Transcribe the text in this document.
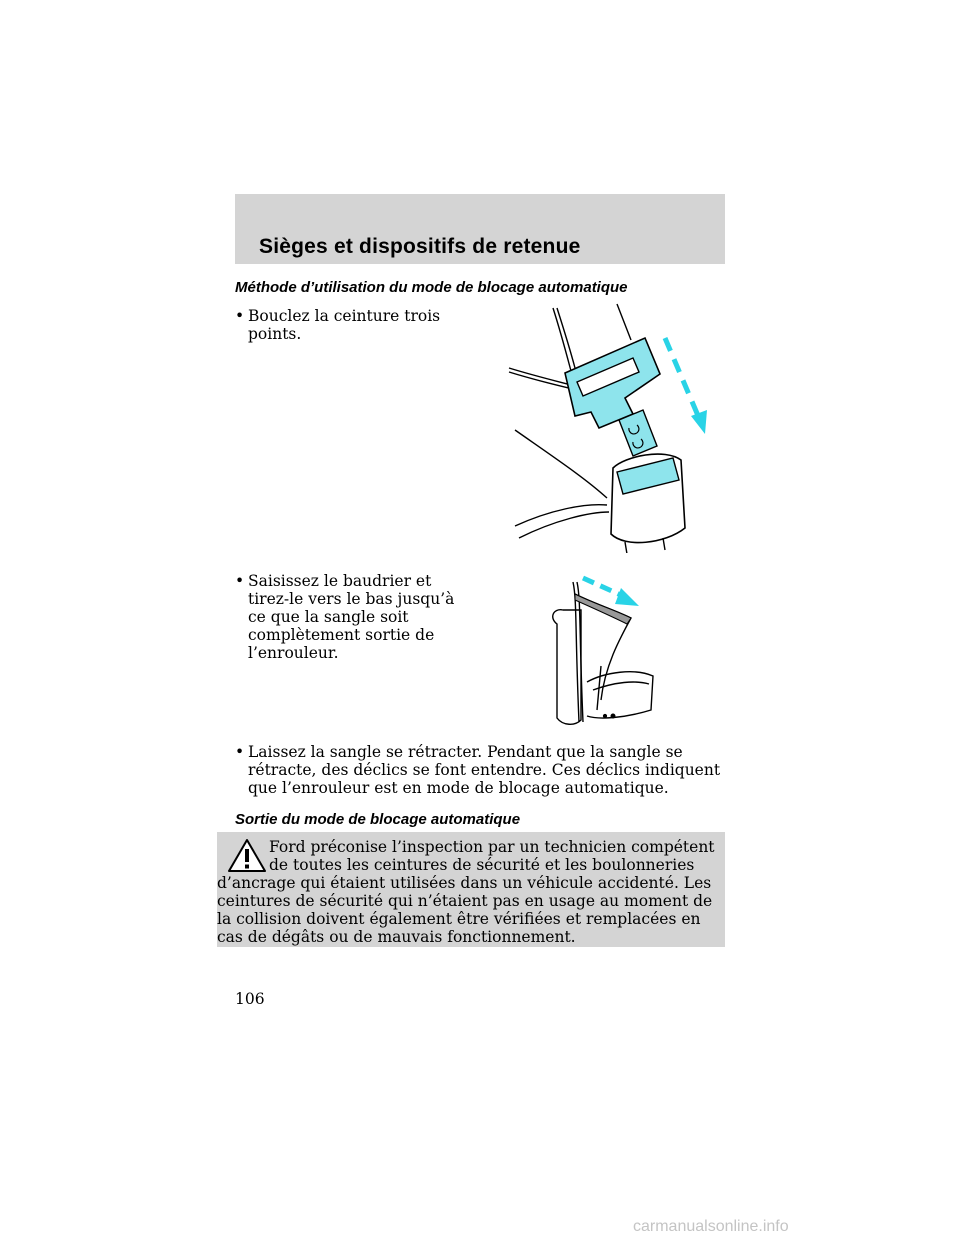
Sièges et dispositifs de retenue
Méthode d’utilisation du mode de blocage automatique

• Bouclez la ceinture trois points.

• Saisissez le baudrier et tirez-le vers le bas jusqu’à ce que la sangle soit complètement sortie de l’enrouleur.

• Laissez la sangle se rétracter. Pendant que la sangle se rétracte, des déclics se font entendre. Ces déclics indiquent que l’enrouleur est en mode de blocage automatique.

Sortie du mode de blocage automatique

Ford préconise l’inspection par un technicien compétent de toutes les ceintures de sécurité et les boulonneries d’ancrage qui étaient utilisées dans un véhicule accidenté. Les ceintures de sécurité qui n’étaient pas en usage au moment de la collision doivent également être vérifiées et remplacées en cas de dégâts ou de mauvais fonctionnement.

106

carmanualsonline.info
